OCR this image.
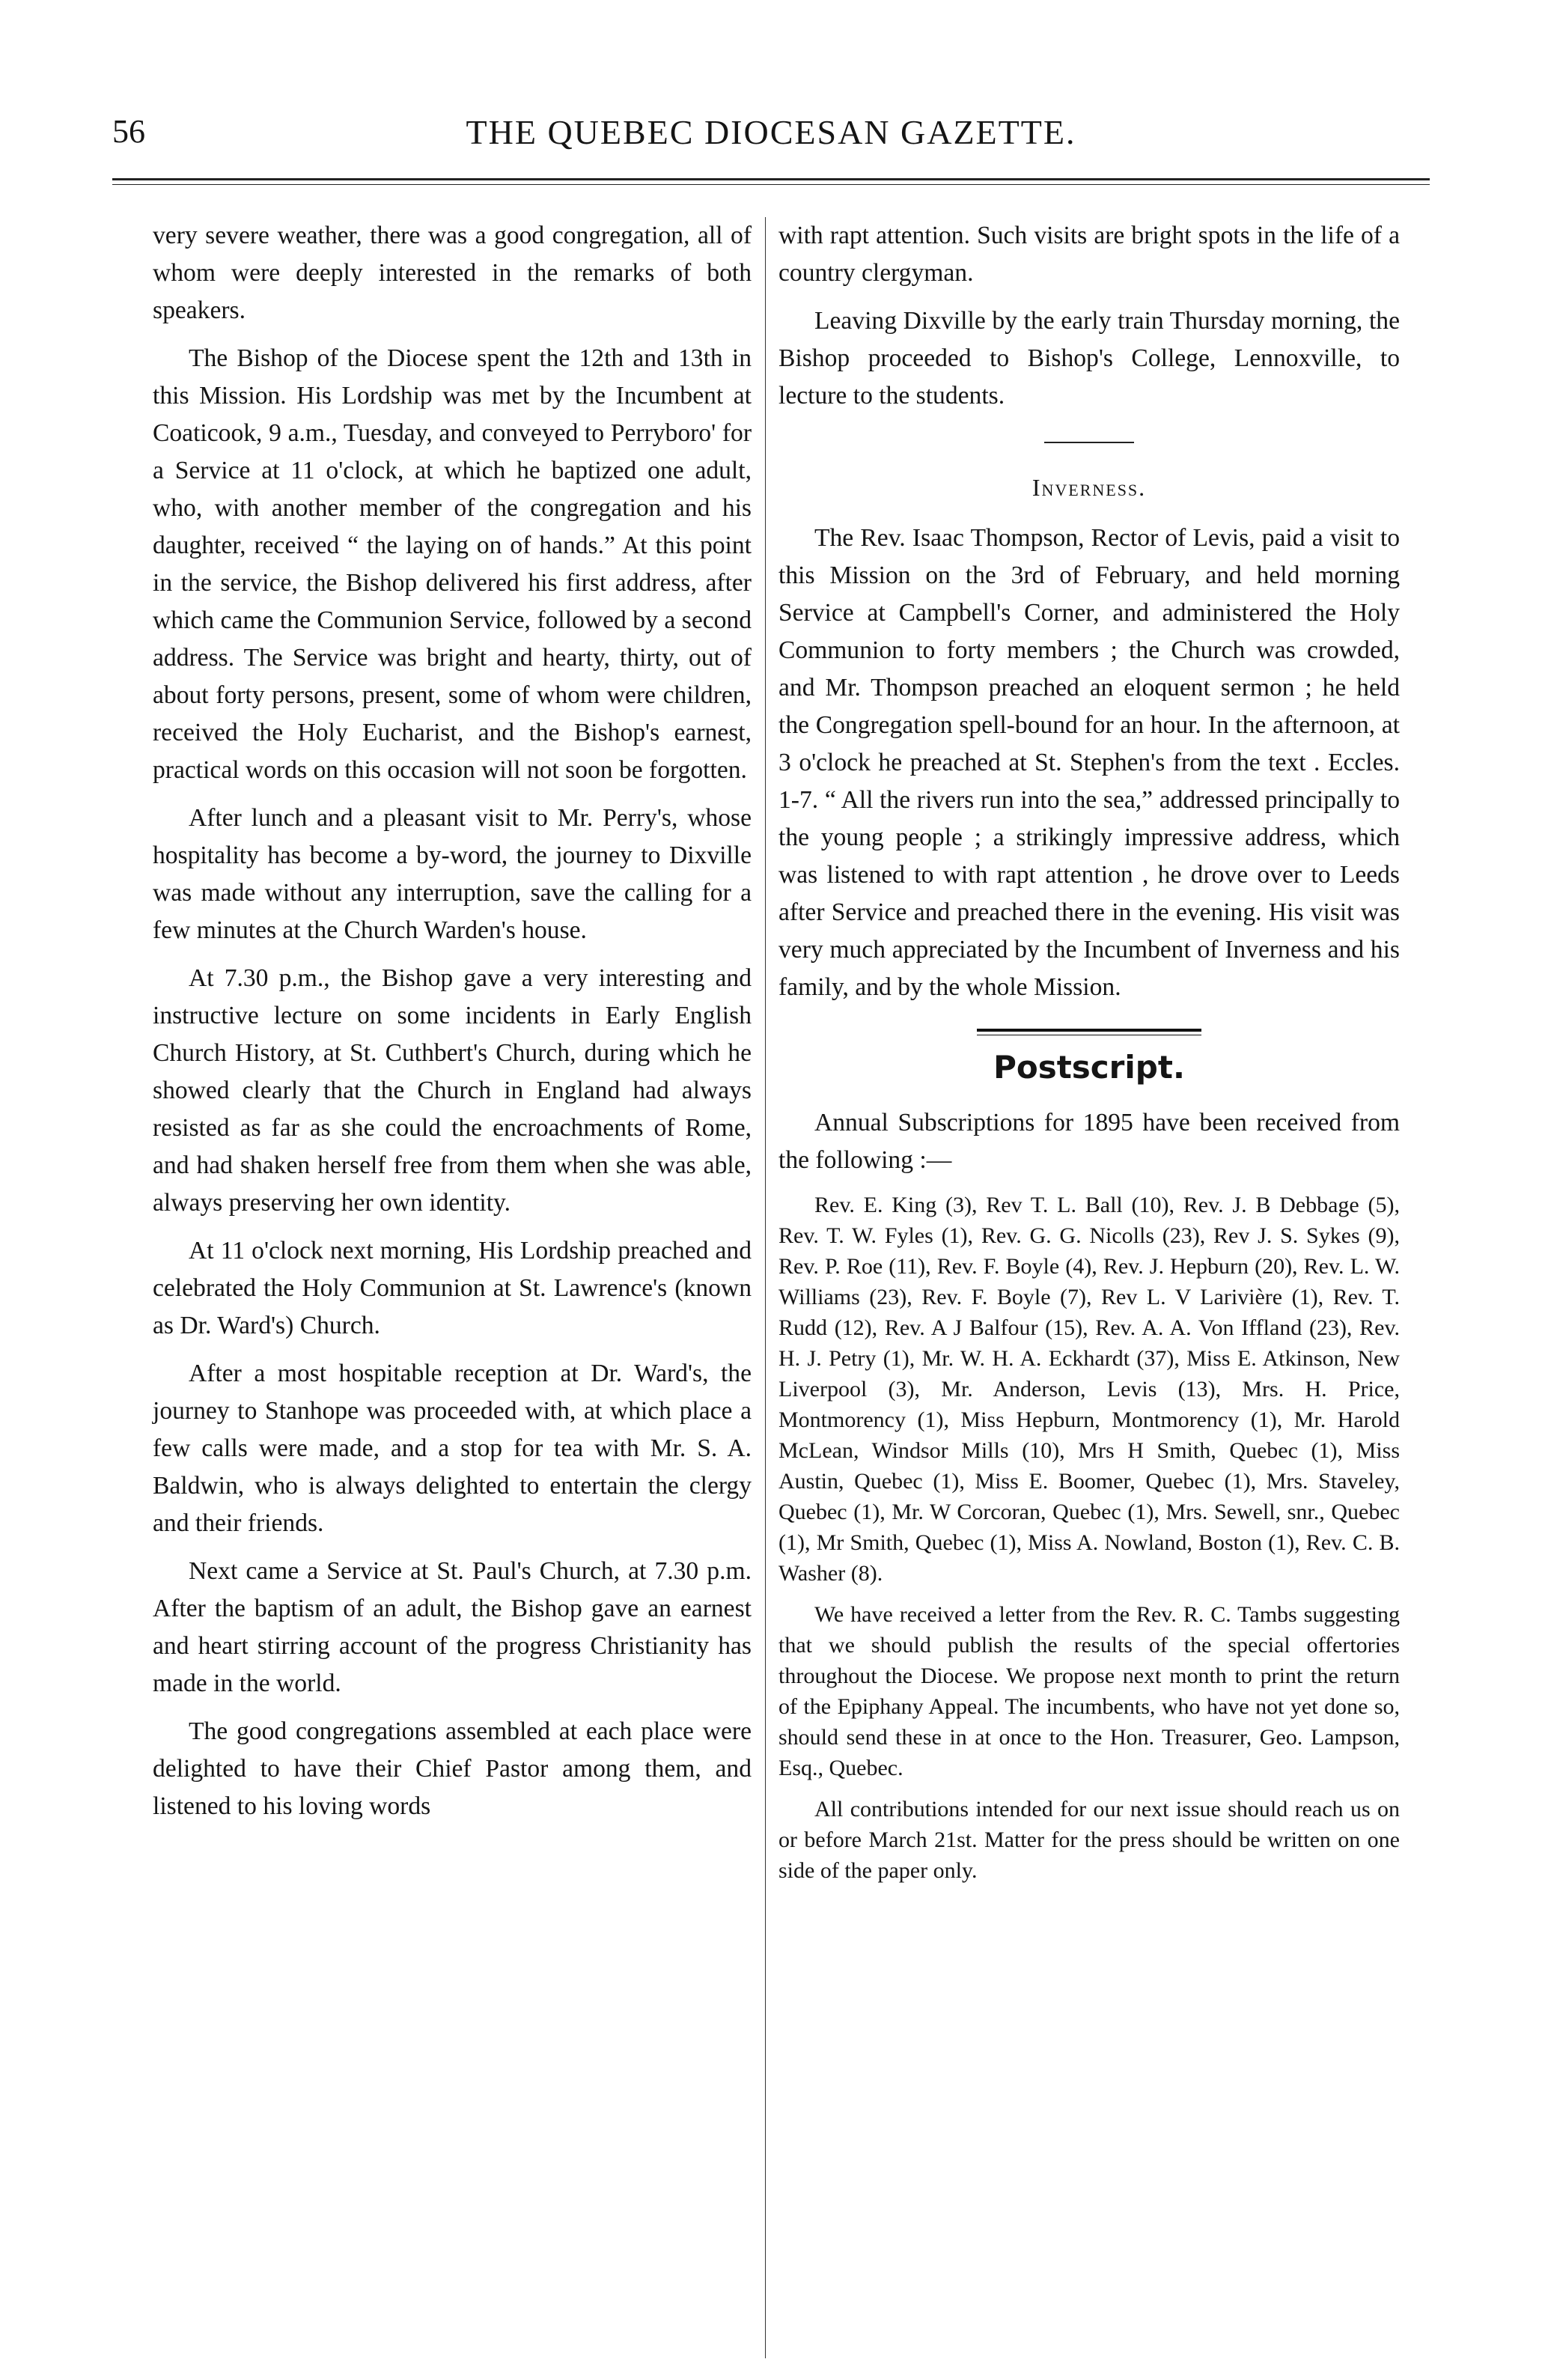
56	THE QUEBEC DIOCESAN GAZETTE.

very severe weather, there was a good congregation, all of whom were deeply interested in the remarks of both speakers.

The Bishop of the Diocese spent the 12th and 13th in this Mission. His Lordship was met by the Incumbent at Coaticook, 9 a.m., Tuesday, and conveyed to Perryboro' for a Service at 11 o'clock, at which he baptized one adult, who, with another member of the congregation and his daughter, received “ the laying on of hands.” At this point in the service, the Bishop delivered his first address, after which came the Communion Service, followed by a second address. The Service was bright and hearty, thirty, out of about forty persons, present, some of whom were children, received the Holy Eucharist, and the Bishop's earnest, practical words on this occasion will not soon be forgotten.

After lunch and a pleasant visit to Mr. Perry's, whose hospitality has become a by-word, the journey to Dixville was made without any interruption, save the calling for a few minutes at the Church Warden's house.

At 7.30 p.m., the Bishop gave a very interesting and instructive lecture on some incidents in Early English Church History, at St. Cuthbert's Church, during which he showed clearly that the Church in England had always resisted as far as she could the encroachments of Rome, and had shaken herself free from them when she was able, always preserving her own identity.

At 11 o'clock next morning, His Lordship preached and celebrated the Holy Communion at St. Lawrence's (known as Dr. Ward's) Church.

After a most hospitable reception at Dr. Ward's, the journey to Stanhope was proceeded with, at which place a few calls were made, and a stop for tea with Mr. S. A. Baldwin, who is always delighted to entertain the clergy and their friends.

Next came a Service at St. Paul's Church, at 7.30 p.m. After the baptism of an adult, the Bishop gave an earnest and heart stirring account of the progress Christianity has made in the world.

The good congregations assembled at each place were delighted to have their Chief Pastor among them, and listened to his loving words

with rapt attention. Such visits are bright spots in the life of a country clergyman.

Leaving Dixville by the early train Thursday morning, the Bishop proceeded to Bishop's College, Lennoxville, to lecture to the students.

Inverness.

The Rev. Isaac Thompson, Rector of Levis, paid a visit to this Mission on the 3rd of February, and held morning Service at Campbell's Corner, and administered the Holy Communion to forty members ; the Church was crowded, and Mr. Thompson preached an eloquent sermon ; he held the Congregation spell-bound for an hour. In the afternoon, at 3 o'clock he preached at St. Stephen's from the text . Eccles. 1-7. “ All the rivers run into the sea,” addressed principally to the young people ; a strikingly impressive address, which was listened to with rapt attention , he drove over to Leeds after Service and preached there in the evening. His visit was very much appreciated by the Incumbent of Inverness and his family, and by the whole Mission.

Postscript.

Annual Subscriptions for 1895 have been received from the following :—

Rev. E. King (3), Rev T. L. Ball (10), Rev. J. B Debbage (5), Rev. T. W. Fyles (1), Rev. G. G. Nicolls (23), Rev J. S. Sykes (9), Rev. P. Roe (11), Rev. F. Boyle (4), Rev. J. Hepburn (20), Rev. L. W. Williams (23), Rev. F. Boyle (7), Rev L. V Larivière (1), Rev. T. Rudd (12), Rev. A J Balfour (15), Rev. A. A. Von Iffland (23), Rev. H. J. Petry (1), Mr. W. H. A. Eckhardt (37), Miss E. Atkinson, New Liverpool (3), Mr. Anderson, Levis (13), Mrs. H. Price, Montmorency (1), Miss Hepburn, Montmorency (1), Mr. Harold McLean, Windsor Mills (10), Mrs H Smith, Quebec (1), Miss Austin, Quebec (1), Miss E. Boomer, Quebec (1), Mrs. Staveley, Quebec (1), Mr. W Corcoran, Quebec (1), Mrs. Sewell, snr., Quebec (1), Mr Smith, Quebec (1), Miss A. Nowland, Boston (1), Rev. C. B. Washer (8).

We have received a letter from the Rev. R. C. Tambs suggesting that we should publish the results of the special offertories throughout the Diocese. We propose next month to print the return of the Epiphany Appeal. The incumbents, who have not yet done so, should send these in at once to the Hon. Treasurer, Geo. Lampson, Esq., Quebec.

All contributions intended for our next issue should reach us on or before March 21st. Matter for the press should be written on one side of the paper only.
